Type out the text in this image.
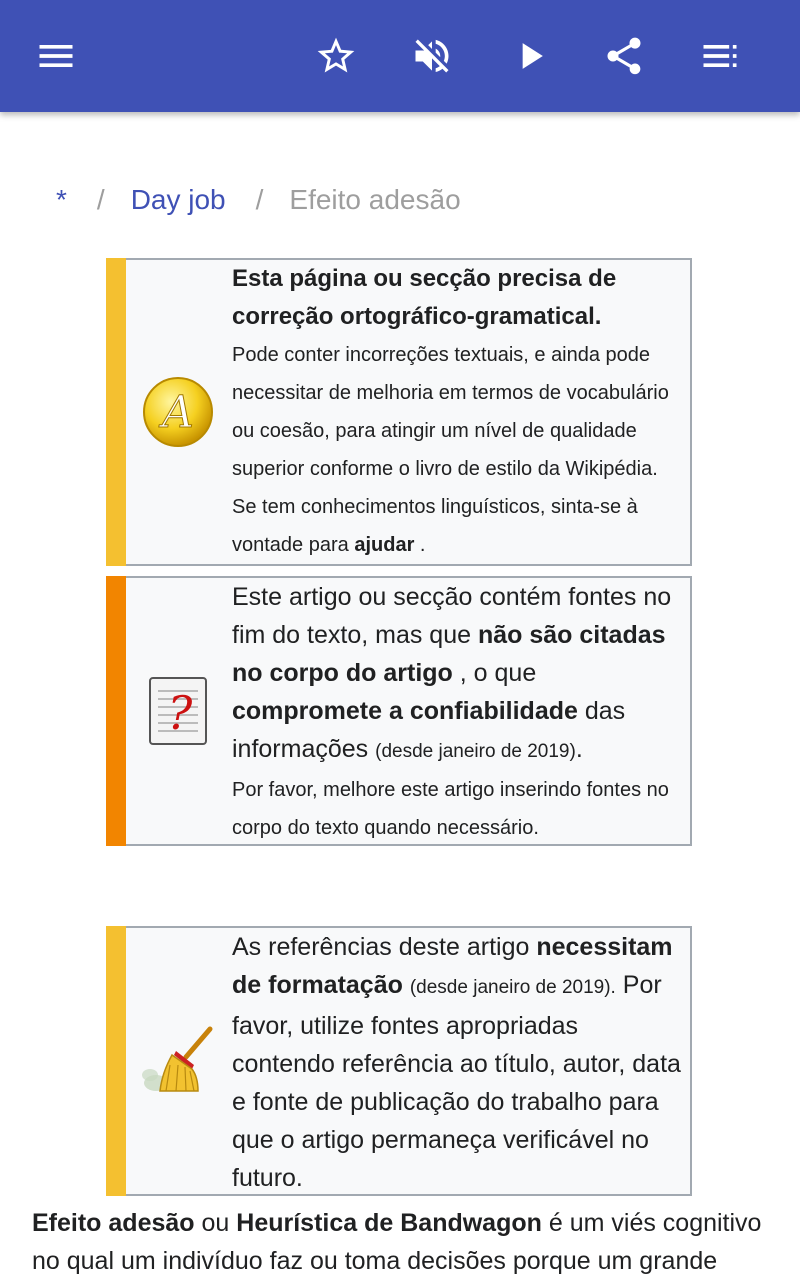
* / Day job / Efeito adesão
A
Esta página ou secção precisa de correção ortográfico-gramatical.
Pode conter incorreções textuais, e ainda pode necessitar de melhoria em termos de vocabulário ou coesão, para atingir um nível de qualidade superior conforme o livro de estilo da Wikipédia. Se tem conhecimentos linguísticos, sinta-se à vontade para ajudar .
?
Este artigo ou secção contém fontes no fim do texto, mas que não são citadas no corpo do artigo , o que compromete a confiabilidade das informações (desde janeiro de 2019).
Por favor, melhore este artigo inserindo fontes no corpo do texto quando necessário.
As referências deste artigo necessitam de formatação (desde janeiro de 2019). Por favor, utilize fontes apropriadas contendo referência ao título, autor, data e fonte de publicação do trabalho para que o artigo permaneça verificável no futuro.
Efeito adesão ou Heurística de Bandwagon é um viés cognitivo no qual um indivíduo faz ou toma decisões porque um grande
